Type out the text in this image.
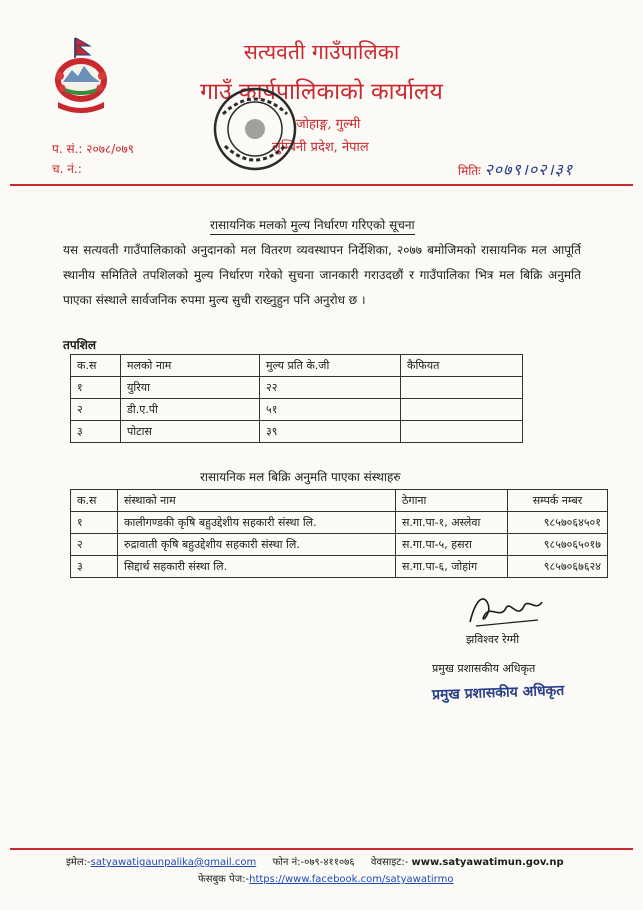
सत्यवती गाउँपालिका
गाउँ कार्यपालिकाको कार्यालय
जोहाङ्ग, गुल्मी
लुम्बिनी प्रदेश, नेपाल
प. सं.: २०७८/०७९
च. नं.:	मितिः २०७९।०२।३१
रासायनिक मलको मुल्य निर्धारण गरिएको सूचना
यस सत्यवती गाउँपालिकाको अनुदानको मल वितरण व्यवस्थापन निर्देशिका, २०७७ बमोजिमको रासायनिक मल आपूर्ति स्थानीय समितिले तपशिलको मुल्य निर्धारण गरेको सुचना जानकारी गराउदछौं र गाउँपालिका भित्र मल बिक्रि अनुमति पाएका संस्थाले सार्वजनिक रुपमा मुल्य सुची राख्नुहुन पनि अनुरोध छ ।
तपशिल
क.स	मलको नाम	मुल्य प्रति के.जी	कैफियत
१	युरिया	२२	
२	डी.ए.पी	५१	
३	पोटास	३९	
रासायनिक मल बिक्रि अनुमति पाएका संस्थाहरु
क.स	संस्थाको नाम	ठेगाना	सम्पर्क नम्बर
१	कालीगण्डकी कृषि बहुउद्देशीय सहकारी संस्था लि.	स.गा.पा-१, अस्लेवा	९८५७०६४५०१
२	रुद्रावाती कृषि बहुउद्देशीय सहकारी संस्था लि.	स.गा.पा-५, हसरा	९८५७०६५०१७
३	सिद्दार्थ सहकारी संस्था लि.	स.गा.पा-६, जोहांग	९८५७०६७६२४
झविश्वर रेग्मी
प्रमुख प्रशासकीय अधिकृत
प्रमुख प्रशासकीय अधिकृत
इमेल:-satyawatigaunpalika@gmail.com फोन नं:-०७९-४११०७६ वेवसाइट:- www.satyawatimun.gov.np
फेसबुक पेज:-https://www.facebook.com/satyawatirmo
